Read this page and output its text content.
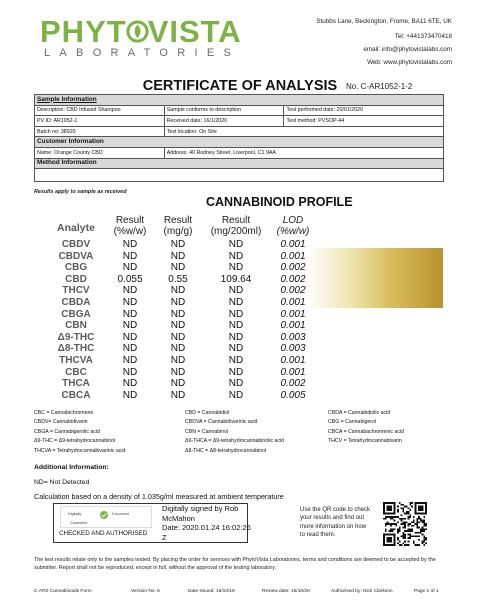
PHYT VISTA
LABORATORIES
Stubbs Lane, Beckington, Frome, BA11 6TE, UK
Tel: +441373470418
email: info@phytovistalabs.com
Web: www.phytovistalabs.com
CERTIFICATE OF ANALYSIS	No. C-AR1052-1-2
Sample Information		
Description: CBD Infused Shampoo	Sample conforms to description	Test performed date: 20/01/2020
PV ID: AR1052-1	Received date: 16/1/2020	Test method: PVSOP-44
Batch no: 38920	Test location: On Site	
Customer Information		
Name: Orange County CBD	Address: 40 Rodney Street, Liverpool, C1 9AA	
Method Information		

Results apply to sample as received
CANNABINOID PROFILE
Analyte
Result
(%w/w)
Result
(mg/g)
Result
(mg/200ml)
LOD
(%w/w)
CBDV	ND	ND	ND	0.001
CBDVA	ND	ND	ND	0.001
CBG	ND	ND	ND	0.002
CBD	0.055	0.55	109.64	0.002
THCV	ND	ND	ND	0.002
CBDA	ND	ND	ND	0.001
CBGA	ND	ND	ND	0.001
CBN	ND	ND	ND	0.001
Δ9-THC	ND	ND	ND	0.003
Δ8-THC	ND	ND	ND	0.003
THCVA	ND	ND	ND	0.001
CBC	ND	ND	ND	0.001
THCA	ND	ND	ND	0.002
CBCA	ND	ND	ND	0.005
CBC = Cannabichromene	CBD = Cannabidiol	CBDA = Cannabidiolic acid
CBDV= Cannabidivarin	CBDVA = Cannabidivarinic acid	CBG = Cannabigerol
CBGA = Cannabigerolic acid	CBN = Cannabinol	CBCA = Cannabachromenic acid
Δ9-THC = Δ9-tetrahydrocannabinol	Δ9-THCA = Δ9-tetrahydrocannabinolic acid	THCV = Tetrahydrocannabivarin
THCVA = Tetrahydrocannabivarinic acid	Δ8-THC = Δ8-tetrahydrocannabinol
Additional Information:
ND= Not Detected
Calculation based on a density of 1.035g/ml measured at ambient temperature
Digitally	Document
Controlled
CHECKED AND AUTHORISED
Digitally signed by Rob
McMahon
Date: 2020.01.24 16:02:26
Z
Use the QR code to check
your results and find out
more information on how
to read them.
The test results relate only to the samples tested. By placing the order for services with PhytoVista Laboratories, terms and conditions are deemed to be accepted by the submitter. Report shall not be reproduced, except in full, without the approval of the testing laboratory.
C-AR0 Cannabinoids Form	Version No: 6	Date issued: 16/10/19	Review date: 16/10/20	Authorised by: Nick Clarkson	Page 1 of 1
